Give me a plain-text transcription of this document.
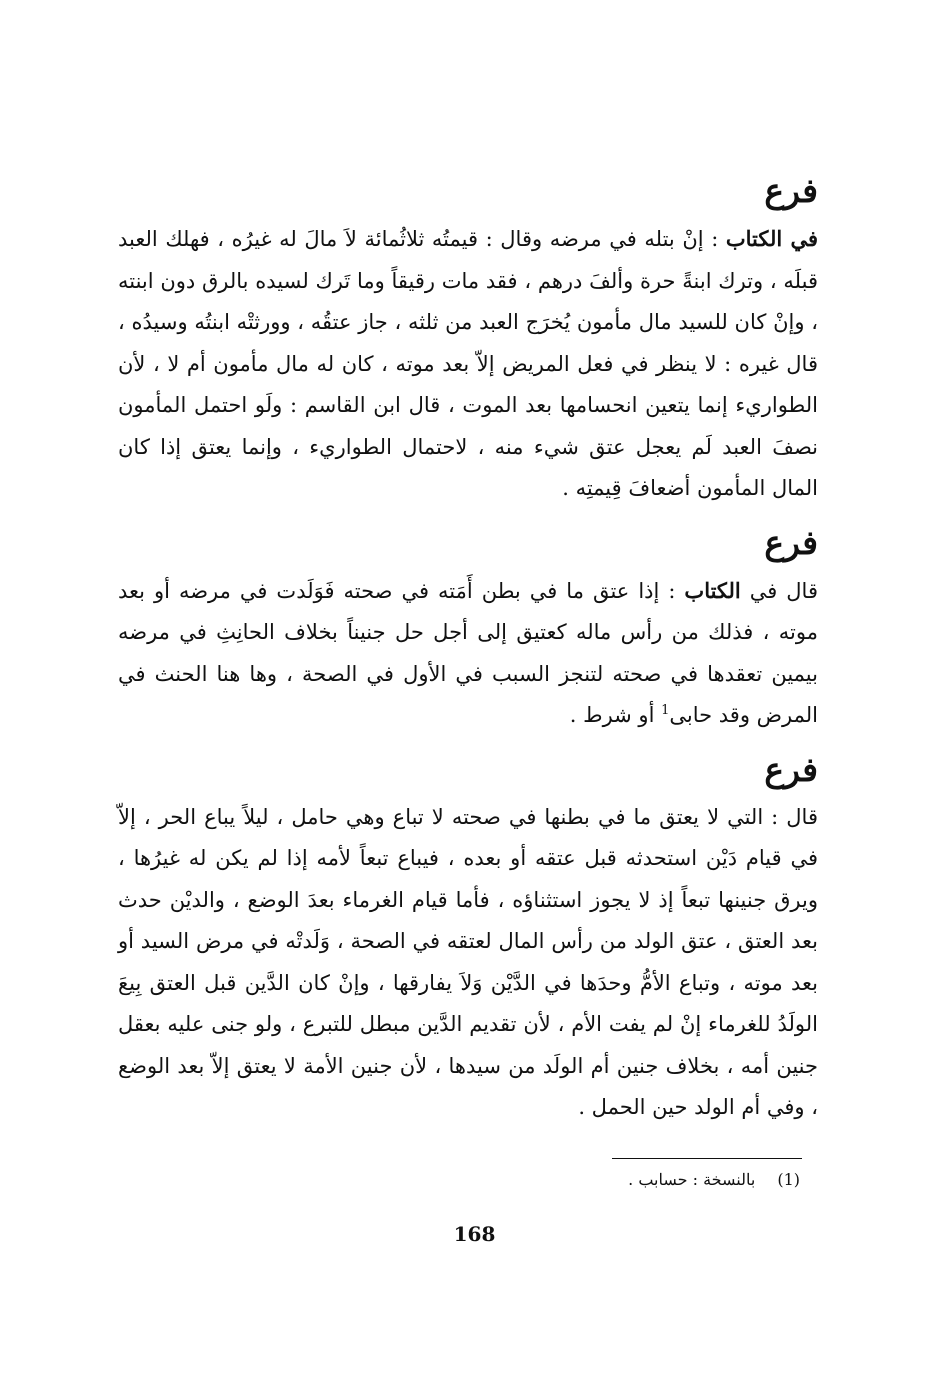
فرع

في الكتاب : إنْ بتله في مرضه وقال : قيمتُه ثلاثُمائة لاَ مالَ له غيرُه ، فهلك العبد قبلَه ، وترك ابنةً حرة وألفَ درهم ، فقد مات رقيقاً وما تَرك لسيده بالرق دون ابنته ، وإنْ كان للسيد مال مأمون يُخرَج العبد من ثلثه ، جاز عتقُه ، وورثتْه ابنتُه وسيدُه ، قال غيره : لا ينظر في فعل المريض إلاّ بعد موته ، كان له مال مأمون أم لا ، لأن الطواريء إنما يتعين انحسامها بعد الموت ، قال ابن القاسم : ولَو احتمل المأمون نصفَ العبد لَم يعجل عتق شيء منه ، لاحتمال الطواريء ، وإنما يعتق إذا كان المال المأمون أضعافَ قِيمتِه .

فرع

قال في الكتاب : إذا عتق ما في بطن أَمَته في صحته فَوَلَدت في مرضه أو بعد موته ، فذلك من رأس ماله كعتيق إلى أجل حل جنيناً بخلاف الحانِثِ في مرضه بيمين تعقدها في صحته لتنجز السبب في الأول في الصحة ، وها هنا الحنث في المرض وقد حابى$^1$ أو شرط .

فرع

قال : التي لا يعتق ما في بطنها في صحته لا تباع وهي حامل ، ليلاً يباع الحر ، إلاّ في قيام دَيْن استحدثه قبل عتقه أو بعده ، فيباع تبعاً لأمه إذا لم يكن له غيرُها ، ويرق جنينها تبعاً إذ لا يجوز استثناؤه ، فأما قيام الغرماء بعدَ الوضع ، والديْن حدث بعد العتق ، عتق الولد من رأس المال لعتقه في الصحة ، وَلَدتْه في مرض السيد أو بعد موته ، وتباع الأمُّ وحدَها في الدَّيْن وَلاَ يفارقها ، وإنْ كان الدَّين قبل العتق بِيعَ الولَدُ للغرماء إنْ لم يفت الأم ، لأن تقديم الدَّين مبطل للتبرع ، ولو جنى عليه بعقل جنين أمه ، بخلاف جنين أم الولَد من سيدها ، لأن جنين الأمة لا يعتق إلاّ بعد الوضع ، وفي أم الولد حين الحمل .

(1)بالنسخة : حسابب .
168
